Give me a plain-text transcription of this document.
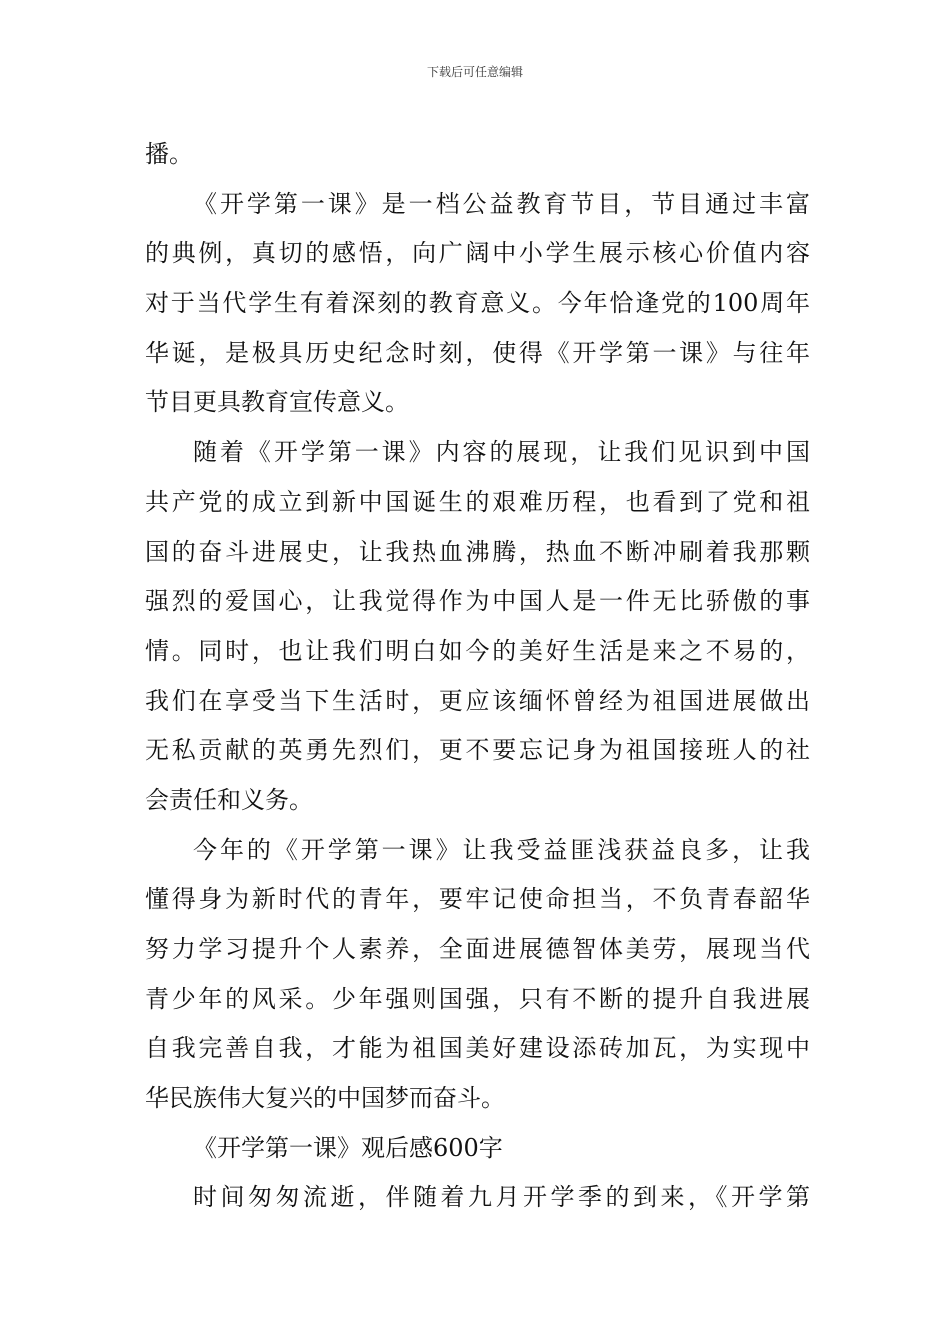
下载后可任意编辑
播。
《开学第一课》是一档公益教育节目，节目通过丰富
的典例，真切的感悟，向广阔中小学生展示核心价值内容
对于当代学生有着深刻的教育意义。今年恰逢党的100周年
华诞，是极具历史纪念时刻，使得《开学第一课》与往年
节目更具教育宣传意义。
随着《开学第一课》内容的展现，让我们见识到中国
共产党的成立到新中国诞生的艰难历程，也看到了党和祖
国的奋斗进展史，让我热血沸腾，热血不断冲刷着我那颗
强烈的爱国心，让我觉得作为中国人是一件无比骄傲的事
情。同时，也让我们明白如今的美好生活是来之不易的，
我们在享受当下生活时，更应该缅怀曾经为祖国进展做出
无私贡献的英勇先烈们，更不要忘记身为祖国接班人的社
会责任和义务。
今年的《开学第一课》让我受益匪浅获益良多，让我
懂得身为新时代的青年，要牢记使命担当，不负青春韶华
努力学习提升个人素养，全面进展德智体美劳，展现当代
青少年的风采。少年强则国强，只有不断的提升自我进展
自我完善自我，才能为祖国美好建设添砖加瓦，为实现中
华民族伟大复兴的中国梦而奋斗。
《开学第一课》观后感600字
时间匆匆流逝，伴随着九月开学季的到来，《开学第
